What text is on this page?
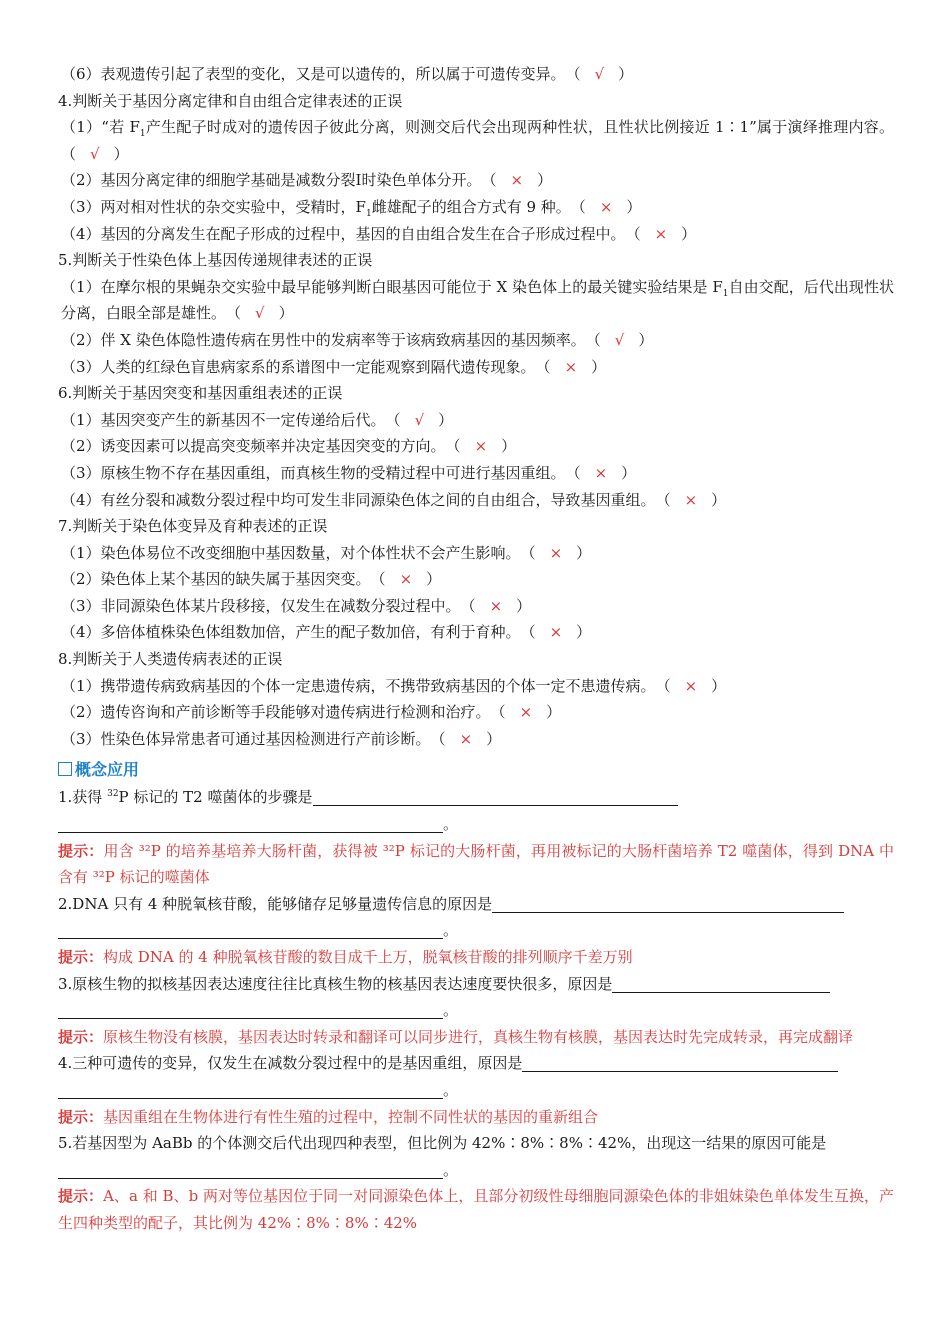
（6）表观遗传引起了表型的变化，又是可以遗传的，所以属于可遗传变异。（ √ ）
4.判断关于基因分离定律和自由组合定律表述的正误
（1）“若 $F_1$产生配子时成对的遗传因子彼此分离，则测交后代会出现两种性状，且性状比例接近 1∶1”属于演绎推理内容。（ √ ）
（2）基因分离定律的细胞学基础是减数分裂Ⅰ时染色单体分开。（ × ）
（3）两对相对性状的杂交实验中，受精时，$F_1$雌雄配子的组合方式有 9 种。（ × ）
（4）基因的分离发生在配子形成的过程中，基因的自由组合发生在合子形成过程中。（ × ）
5.判断关于性染色体上基因传递规律表述的正误
（1）在摩尔根的果蝇杂交实验中最早能够判断白眼基因可能位于 X 染色体上的最关键实验结果是 $F_1$自由交配，后代出现性状分离，白眼全部是雄性。（ √ ）
（2）伴 X 染色体隐性遗传病在男性中的发病率等于该病致病基因的基因频率。（ √ ）
（3）人类的红绿色盲患病家系的系谱图中一定能观察到隔代遗传现象。（ × ）
6.判断关于基因突变和基因重组表述的正误
（1）基因突变产生的新基因不一定传递给后代。（ √ ）
（2）诱变因素可以提高突变频率并决定基因突变的方向。（ × ）
（3）原核生物不存在基因重组，而真核生物的受精过程中可进行基因重组。（ × ）
（4）有丝分裂和减数分裂过程中均可发生非同源染色体之间的自由组合，导致基因重组。（ × ）
7.判断关于染色体变异及育种表述的正误
（1）染色体易位不改变细胞中基因数量，对个体性状不会产生影响。（ × ）
（2）染色体上某个基因的缺失属于基因突变。（ × ）
（3）非同源染色体某片段移接，仅发生在减数分裂过程中。（ × ）
（4）多倍体植株染色体组数加倍，产生的配子数加倍，有利于育种。（ × ）
8.判断关于人类遗传病表述的正误
（1）携带遗传病致病基因的个体一定患遗传病，不携带致病基因的个体一定不患遗传病。（ × ）
（2）遗传咨询和产前诊断等手段能够对遗传病进行检测和治疗。（ × ）
（3）性染色体异常患者可通过基因检测进行产前诊断。（ × ）
概念应用
1.获得 $^{32}$P 标记的 T2 噬菌体的步骤是
。
提示：用含 ³²P 的培养基培养大肠杆菌，获得被 ³²P 标记的大肠杆菌，再用被标记的大肠杆菌培养 T2 噬菌体，得到 DNA 中含有 ³²P 标记的噬菌体
2.DNA 只有 4 种脱氧核苷酸，能够储存足够量遗传信息的原因是
。
提示：构成 DNA 的 4 种脱氧核苷酸的数目成千上万，脱氧核苷酸的排列顺序千差万别
3.原核生物的拟核基因表达速度往往比真核生物的核基因表达速度要快很多，原因是
。
提示：原核生物没有核膜，基因表达时转录和翻译可以同步进行，真核生物有核膜，基因表达时先完成转录，再完成翻译
4.三种可遗传的变异，仅发生在减数分裂过程中的是基因重组，原因是
。
提示：基因重组在生物体进行有性生殖的过程中，控制不同性状的基因的重新组合
5.若基因型为 AaBb 的个体测交后代出现四种表型，但比例为 42%∶8%∶8%∶42%，出现这一结果的原因可能是
。
提示：A、a 和 B、b 两对等位基因位于同一对同源染色体上，且部分初级性母细胞同源染色体的非姐妹染色单体发生互换，产生四种类型的配子，其比例为 42%∶8%∶8%∶42%
